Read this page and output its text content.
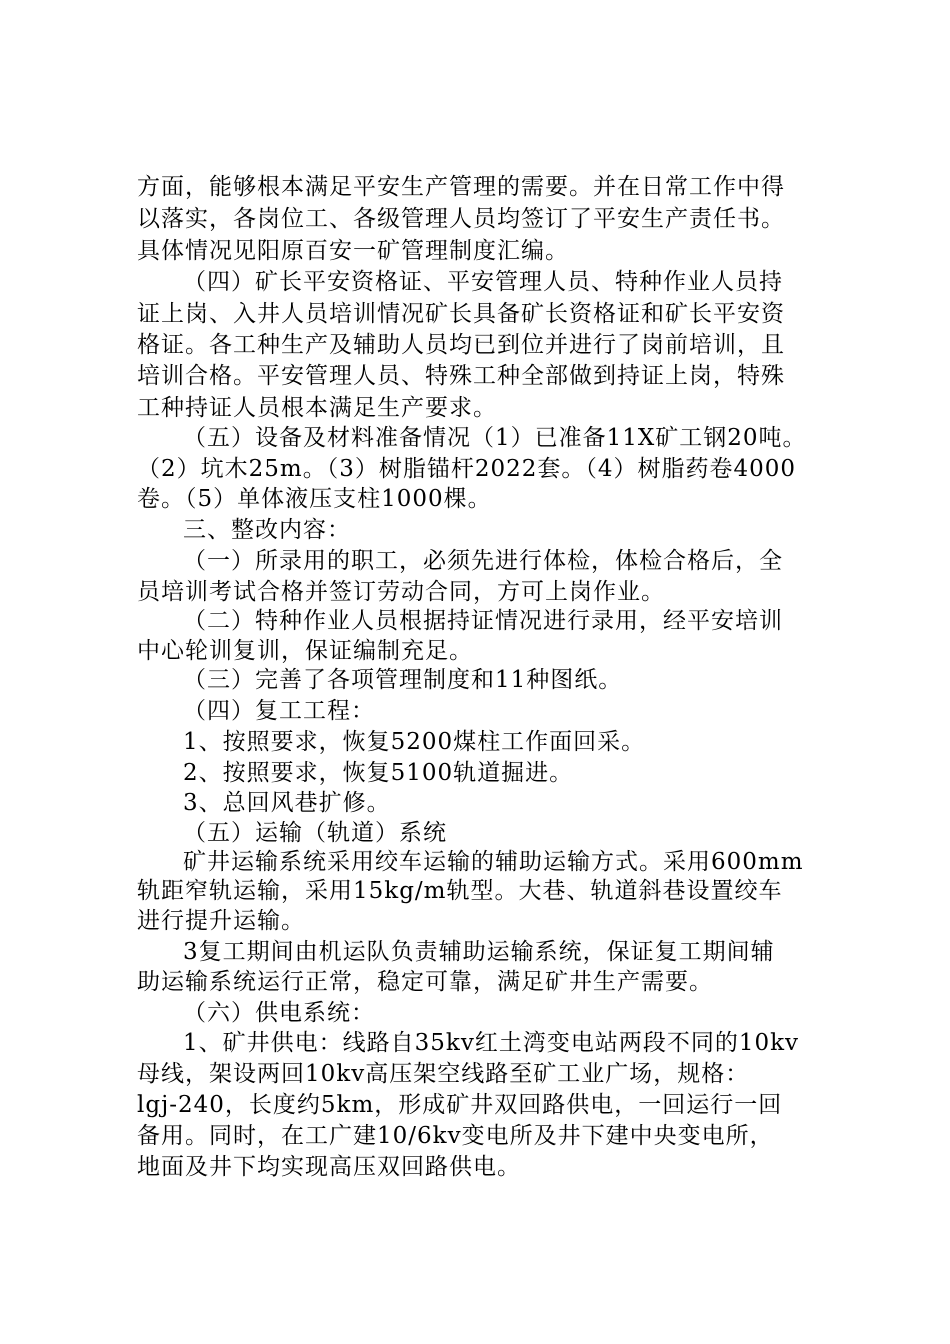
方面，能够根本满足平安生产管理的需要。并在日常工作中得

以落实，各岗位工、各级管理人员均签订了平安生产责任书。

具体情况见阳原百安一矿管理制度汇编。

（四）矿长平安资格证、平安管理人员、特种作业人员持

证上岗、入井人员培训情况矿长具备矿长资格证和矿长平安资

格证。各工种生产及辅助人员均已到位并进行了岗前培训，且

培训合格。平安管理人员、特殊工种全部做到持证上岗，特殊

工种持证人员根本满足生产要求。

（五）设备及材料准备情况（1）已准备11X矿工钢20吨。

（2）坑木25m。（3）树脂锚杆2022套。（4）树脂药卷4000

卷。（5）单体液压支柱1000棵。

三、整改内容：

（一）所录用的职工，必须先进行体检，体检合格后，全

员培训考试合格并签订劳动合同，方可上岗作业。

（二）特种作业人员根据持证情况进行录用，经平安培训

中心轮训复训，保证编制充足。

（三）完善了各项管理制度和11种图纸。

（四）复工工程：

1、按照要求，恢复5200煤柱工作面回采。

2、按照要求，恢复5100轨道掘进。

3、总回风巷扩修。

（五）运输（轨道）系统

矿井运输系统采用绞车运输的辅助运输方式。采用600mm

轨距窄轨运输，采用15kg/m轨型。大巷、轨道斜巷设置绞车

进行提升运输。

3复工期间由机运队负责辅助运输系统，保证复工期间辅

助运输系统运行正常，稳定可靠，满足矿井生产需要。

（六）供电系统：

1、矿井供电：线路自35kv红土湾变电站两段不同的10kv

母线，架设两回10kv高压架空线路至矿工业广场，规格：

lgj-240，长度约5km，形成矿井双回路供电，一回运行一回

备用。同时，在工广建10/6kv变电所及井下建中央变电所，

地面及井下均实现高压双回路供电。
